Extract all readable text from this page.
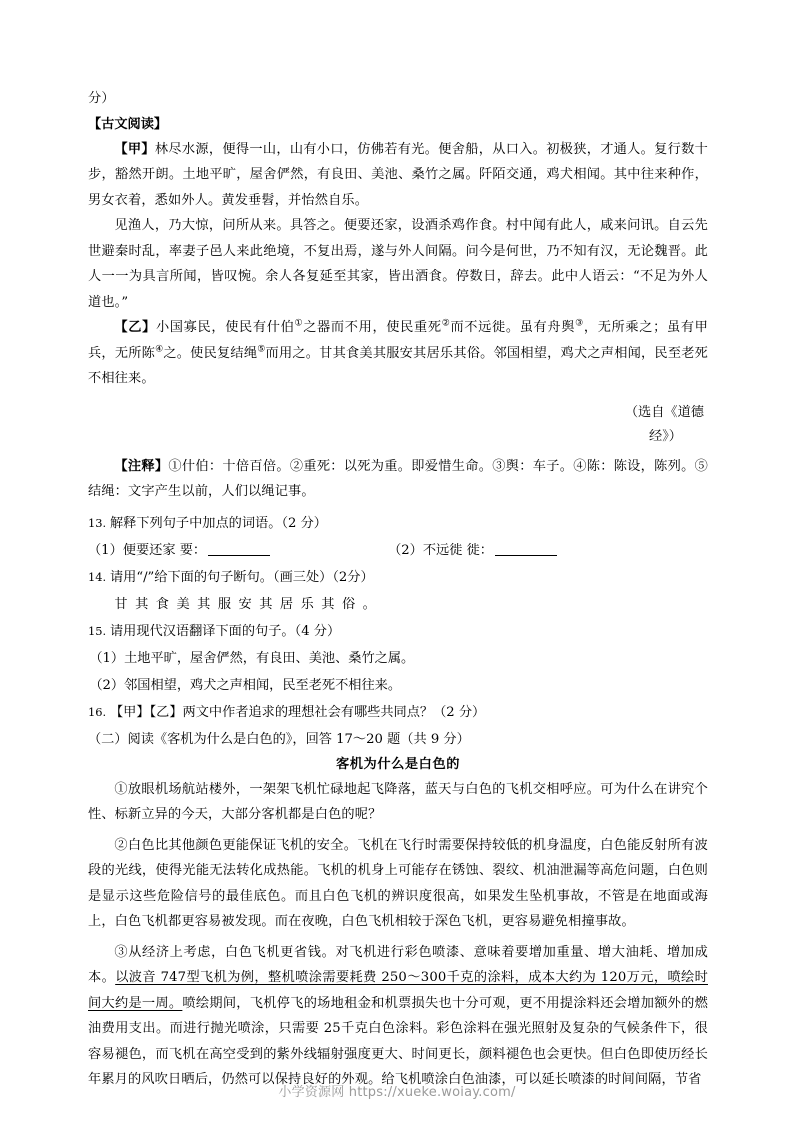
分）

【古文阅读】

【甲】林尽水源，便得一山，山有小口，仿佛若有光。便舍船，从口入。初极狭，才通人。复行数十步，豁然开朗。土地平旷，屋舍俨然，有良田、美池、桑竹之属。阡陌交通，鸡犬相闻。其中往来种作，男女衣着，悉如外人。黄发垂髫，并怡然自乐。

见渔人，乃大惊，问所从来。具答之。便要还家，设酒杀鸡作食。村中闻有此人，咸来问讯。自云先世避秦时乱，率妻子邑人来此绝境，不复出焉，遂与外人间隔。问今是何世，乃不知有汉，无论魏晋。此人一一为具言所闻，皆叹惋。余人各复延至其家，皆出酒食。停数日，辞去。此中人语云：“不足为外人道也。”

【乙】小国寡民，使民有什伯①之器而不用，使民重死②而不远徙。虽有舟舆③，无所乘之；虽有甲兵，无所陈④之。使民复结绳⑤而用之。甘其食美其服安其居乐其俗。邻国相望，鸡犬之声相闻，民至老死不相往来。

（选自《道德

经》）

【注释】①什伯：十倍百倍。②重死：以死为重。即爱惜生命。③舆：车子。④陈：陈设，陈列。⑤结绳：文字产生以前，人们以绳记事。

13. 解释下列句子中加点的词语。（2 分）

（1）便要还家 要：	（2）不远徙 徙：

14. 请用“/”给下面的句子断句。（画三处）（2分）

甘其食美其服安其居乐其俗。

15. 请用现代汉语翻译下面的句子。（4 分）

（1）土地平旷，屋舍俨然，有良田、美池、桑竹之属。

（2）邻国相望，鸡犬之声相闻，民至老死不相往来。

16. 【甲】【乙】两文中作者追求的理想社会有哪些共同点？（2 分）

（二）阅读《客机为什么是白色的》，回答 17～20 题（共 9 分）

客机为什么是白色的

①放眼机场航站楼外，一架架飞机忙碌地起飞降落，蓝天与白色的飞机交相呼应。可为什么在讲究个性、标新立异的今天，大部分客机都是白色的呢？

②白色比其他颜色更能保证飞机的安全。飞机在飞行时需要保持较低的机身温度，白色能反射所有波段的光线，使得光能无法转化成热能。飞机的机身上可能存在锈蚀、裂纹、机油泄漏等高危问题，白色则是显示这些危险信号的最佳底色。而且白色飞机的辨识度很高，如果发生坠机事故，不管是在地面或海上，白色飞机都更容易被发现。而在夜晚，白色飞机相较于深色飞机，更容易避免相撞事故。

③从经济上考虑，白色飞机更省钱。对飞机进行彩色喷漆、意味着要增加重量、增大油耗、增加成本。以波音 747型飞机为例，整机喷涂需要耗费 250～300千克的涂料，成本大约为 120万元，喷绘时间大约是一周。喷绘期间，飞机停飞的场地租金和机票损失也十分可观，更不用提涂料还会增加额外的燃油费用支出。而进行抛光喷涂，只需要 25千克白色涂料。彩色涂料在强光照射及复杂的气候条件下，很容易褪色，而飞机在高空受到的紫外线辐射强度更大、时间更长，颜料褪色也会更快。但白色即使历经长年累月的风吹日晒后，仍然可以保持良好的外观。给飞机喷涂白色油漆，可以延长喷漆的时间间隔，节省

小学资源网 https://xueke.woiay.com/
